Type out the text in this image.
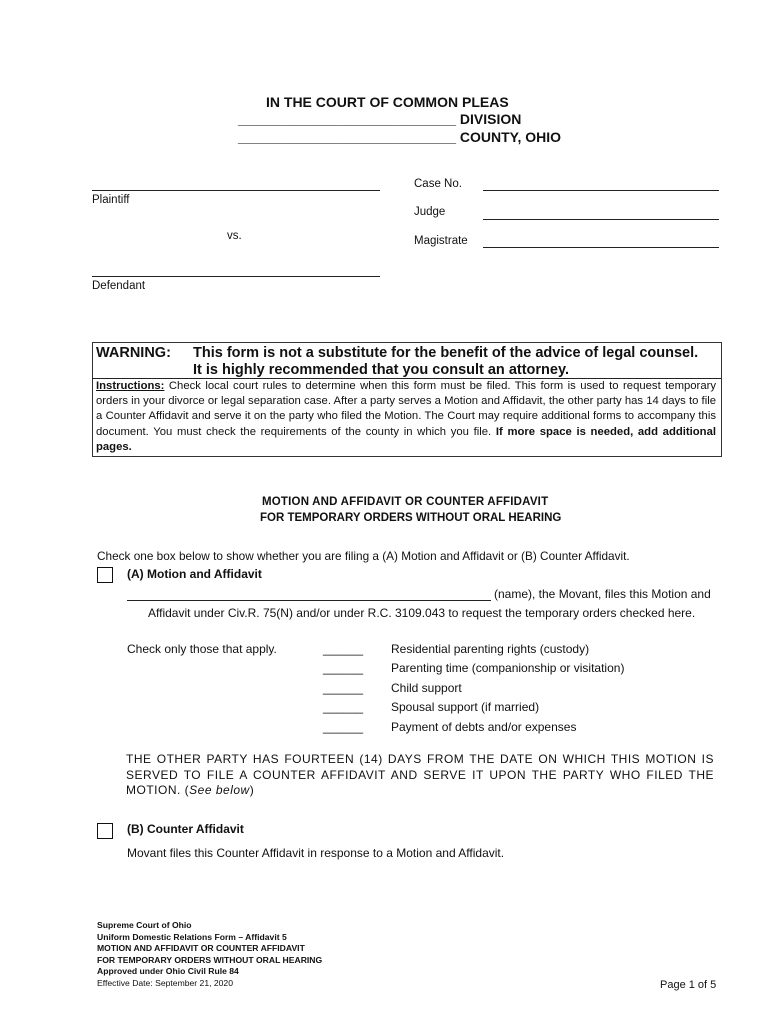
IN THE COURT OF COMMON PLEAS
____________________________ DIVISION
____________________________ COUNTY, OHIO
Plaintiff
vs.
Defendant
Case No.
Judge
Magistrate
WARNING: This form is not a substitute for the benefit of the advice of legal counsel.
It is highly recommended that you consult an attorney.
Instructions: Check local court rules to determine when this form must be filed. This form is used to request temporary orders in your divorce or legal separation case. After a party serves a Motion and Affidavit, the other party has 14 days to file a Counter Affidavit and serve it on the party who filed the Motion. The Court may require additional forms to accompany this document. You must check the requirements of the county in which you file. If more space is needed, add additional pages.
MOTION AND AFFIDAVIT OR COUNTER AFFIDAVIT
FOR TEMPORARY ORDERS WITHOUT ORAL HEARING
Check one box below to show whether you are filing a (A) Motion and Affidavit or (B) Counter Affidavit.
(A) Motion and Affidavit
(name), the Movant, files this Motion and
Affidavit under Civ.R. 75(N) and/or under R.C. 3109.043 to request the temporary orders checked here.
Check only those that apply.	______ Residential parenting rights (custody)
______ Parenting time (companionship or visitation)
______ Child support
______ Spousal support (if married)
______ Payment of debts and/or expenses
THE OTHER PARTY HAS FOURTEEN (14) DAYS FROM THE DATE ON WHICH THIS MOTION IS SERVED TO FILE A COUNTER AFFIDAVIT AND SERVE IT UPON THE PARTY WHO FILED THE MOTION. (See below)
(B) Counter Affidavit
Movant files this Counter Affidavit in response to a Motion and Affidavit.
Supreme Court of Ohio
Uniform Domestic Relations Form – Affidavit 5
MOTION AND AFFIDAVIT OR COUNTER AFFIDAVIT
FOR TEMPORARY ORDERS WITHOUT ORAL HEARING
Approved under Ohio Civil Rule 84
Effective Date: September 21, 2020	Page 1 of 5
